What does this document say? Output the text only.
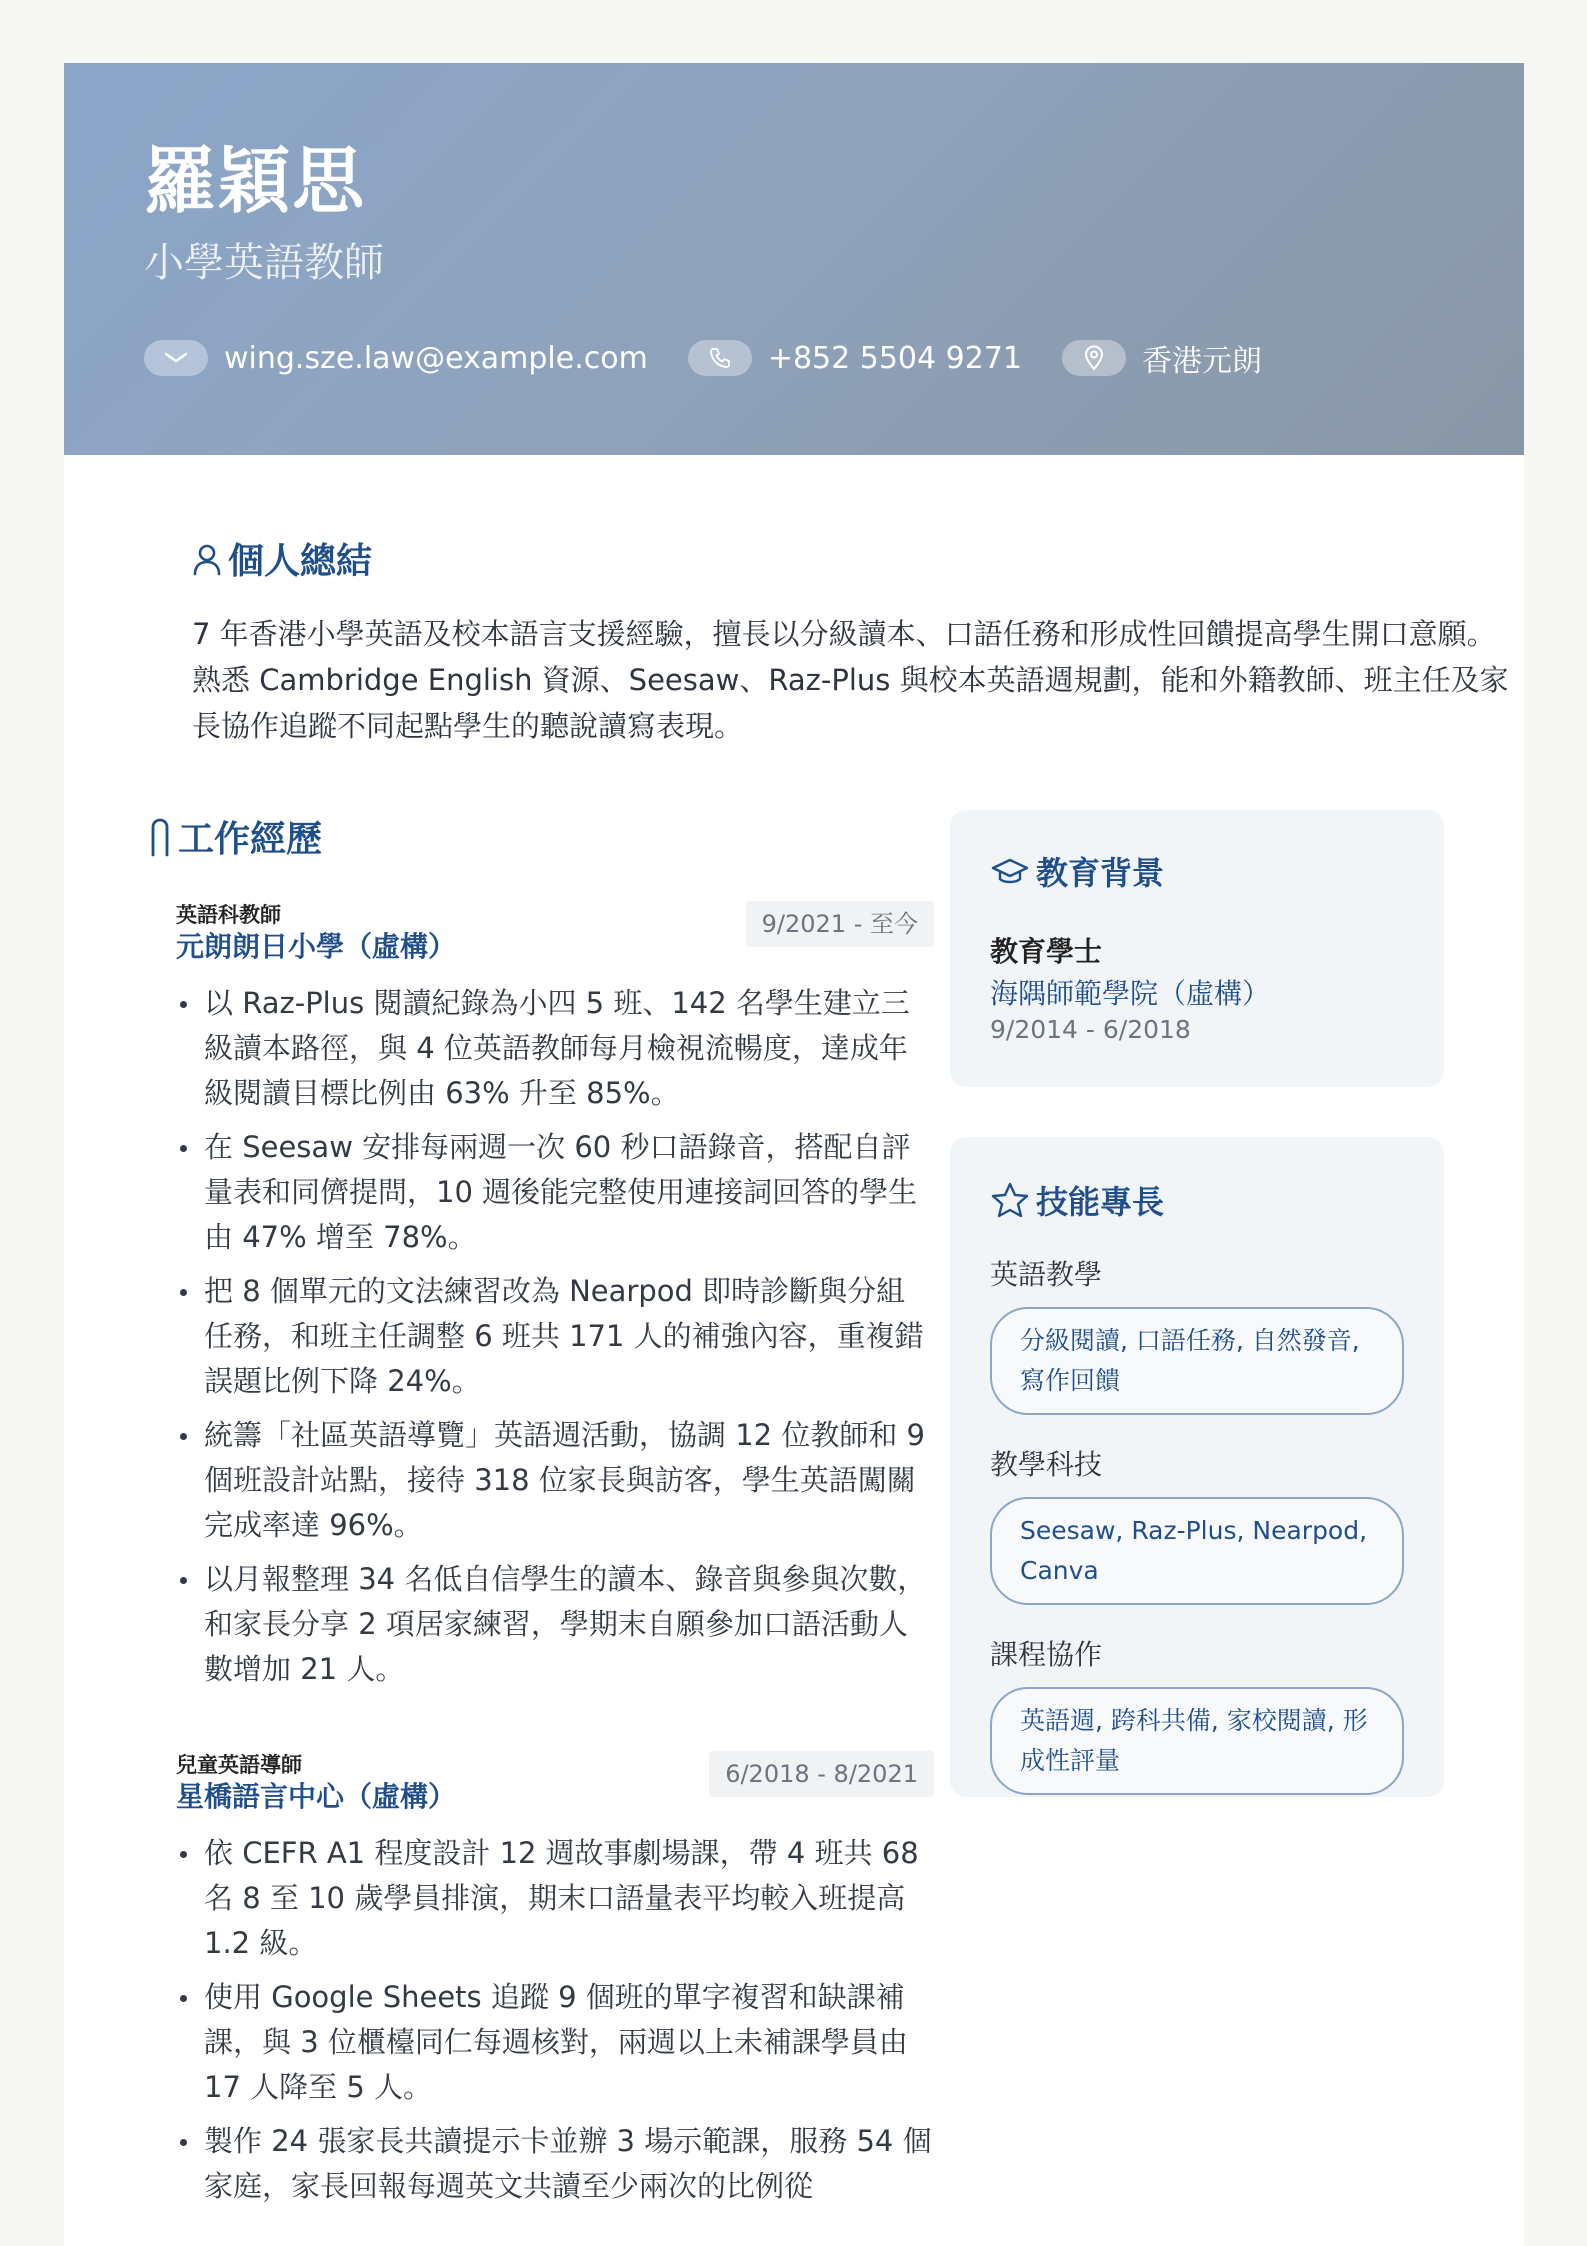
羅穎思
小學英語教師
wing.sze.law@example.com	+852 5504 9271	香港元朗
個人總結
7 年香港小學英語及校本語言支援經驗，擅長以分級讀本、口語任務和形成性回饋提高學生開口意願。熟悉 Cambridge English 資源、Seesaw、Raz-Plus 與校本英語週規劃，能和外籍教師、班主任及家長協作追蹤不同起點學生的聽說讀寫表現。
工作經歷
英語科教師
元朗朗日小學（虛構）
9/2021 - 至今
以 Raz-Plus 閱讀紀錄為小四 5 班、142 名學生建立三級讀本路徑，與 4 位英語教師每月檢視流暢度，達成年級閱讀目標比例由 63% 升至 85%。
在 Seesaw 安排每兩週一次 60 秒口語錄音，搭配自評量表和同儕提問，10 週後能完整使用連接詞回答的學生由 47% 增至 78%。
把 8 個單元的文法練習改為 Nearpod 即時診斷與分組任務，和班主任調整 6 班共 171 人的補強內容，重複錯誤題比例下降 24%。
統籌「社區英語導覽」英語週活動，協調 12 位教師和 9 個班設計站點，接待 318 位家長與訪客，學生英語闖關完成率達 96%。
以月報整理 34 名低自信學生的讀本、錄音與參與次數，和家長分享 2 項居家練習，學期末自願參加口語活動人數增加 21 人。
兒童英語導師
星橋語言中心（虛構）
6/2018 - 8/2021
依 CEFR A1 程度設計 12 週故事劇場課，帶 4 班共 68 名 8 至 10 歲學員排演，期末口語量表平均較入班提高 1.2 級。
使用 Google Sheets 追蹤 9 個班的單字複習和缺課補課，與 3 位櫃檯同仁每週核對，兩週以上未補課學員由 17 人降至 5 人。
製作 24 張家長共讀提示卡並辦 3 場示範課，服務 54 個家庭，家長回報每週英文共讀至少兩次的比例從
教育背景
教育學士
海隅師範學院（虛構）
9/2014 - 6/2018
技能專長
英語教學
分級閱讀, 口語任務, 自然發音, 寫作回饋
教學科技
Seesaw, Raz-Plus, Nearpod, Canva
課程協作
英語週, 跨科共備, 家校閱讀, 形成性評量
